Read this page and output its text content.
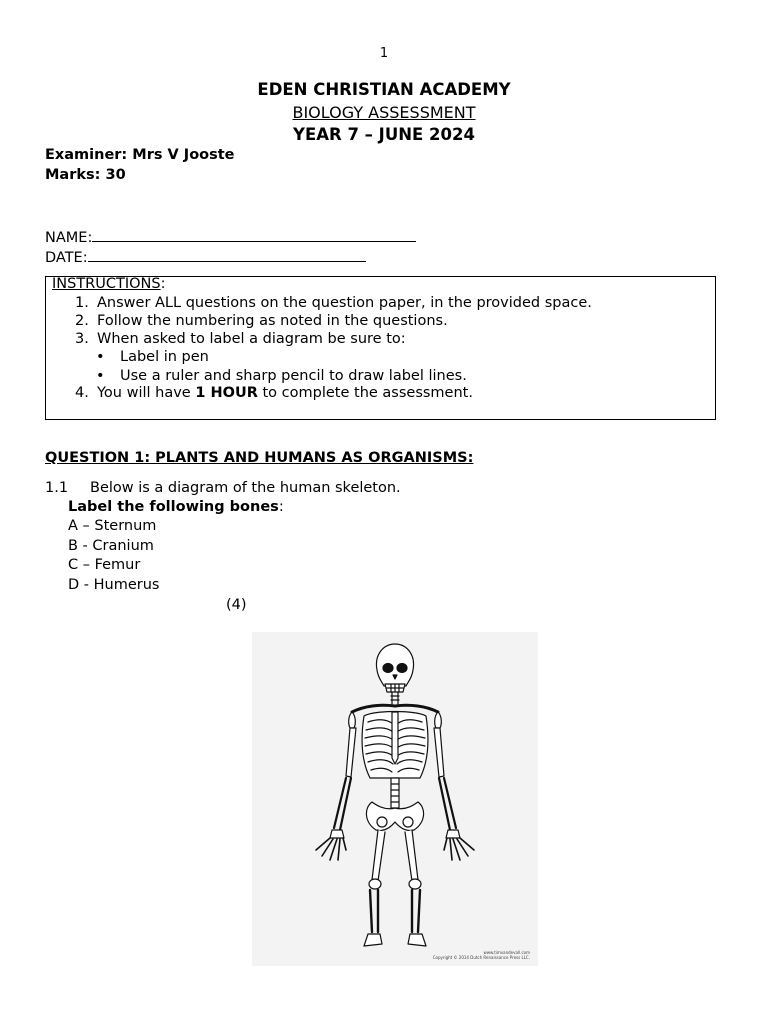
1
EDEN CHRISTIAN ACADEMY
BIOLOGY ASSESSMENT
YEAR 7 – JUNE 2024
Examiner: Mrs V Jooste
Marks: 30
NAME:
DATE:
INSTRUCTIONS:
1. Answer ALL questions on the question paper, in the provided space.
2. Follow the numbering as noted in the questions.
3. When asked to label a diagram be sure to:
• Label in pen
• Use a ruler and sharp pencil to draw label lines.
4. You will have 1 HOUR to complete the assessment.
QUESTION 1: PLANTS AND HUMANS AS ORGANISMS:
1.1 Below is a diagram of the human skeleton.
Label the following bones:
A – Sternum
B - Cranium
C – Femur
D - Humerus
(4)
www.timvandevall.com
Copyright © 2014 Dutch Renaissance Press LLC.
